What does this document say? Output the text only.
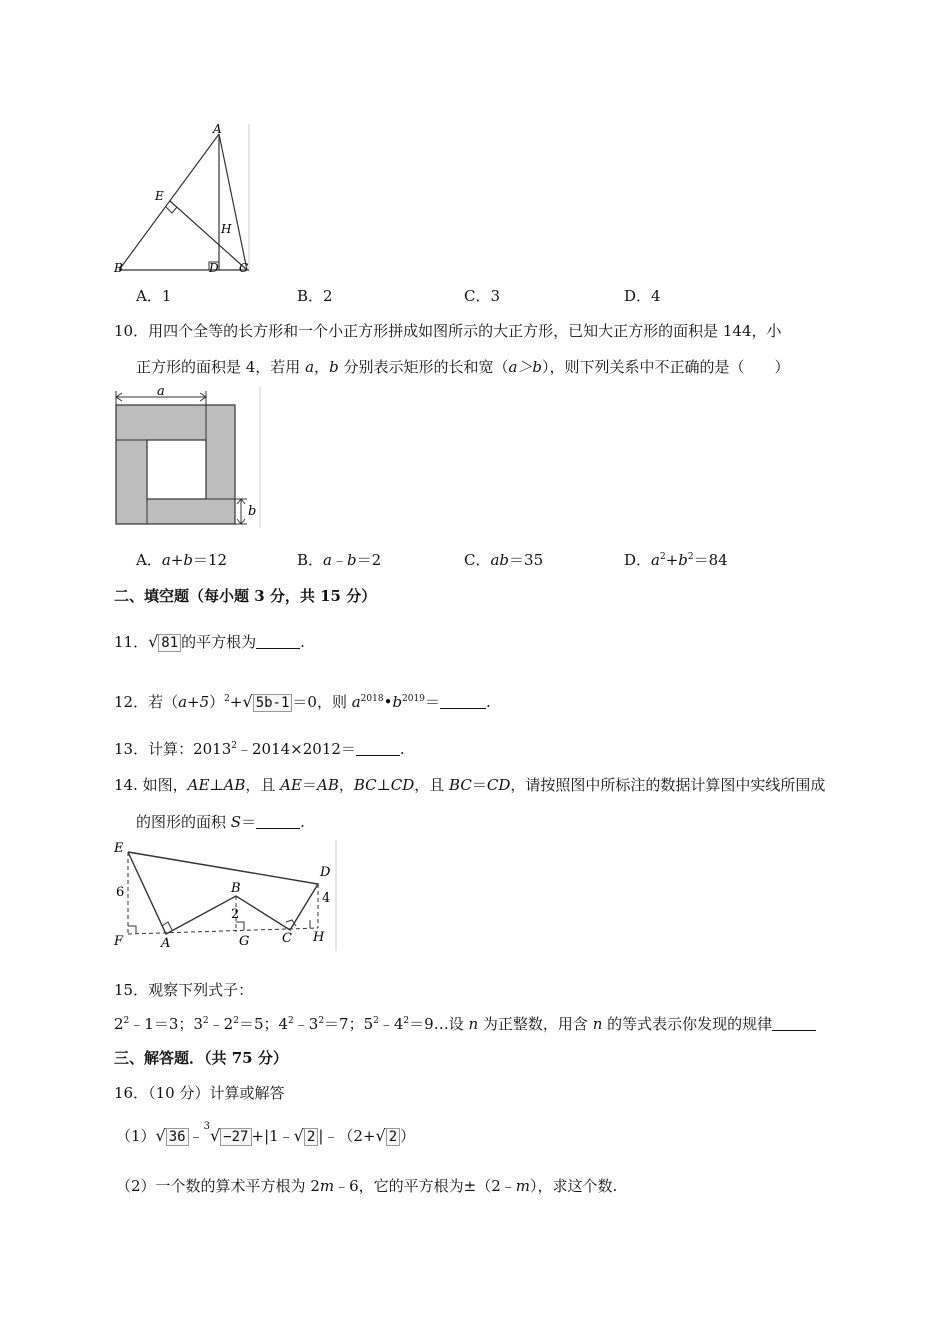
A
E
H
B	D C
A．1	B．2	C．3	D．4
10．用四个全等的长方形和一个小正方形拼成如图所示的大正方形，已知大正方形的面积是 144，小
正方形的面积是 4，若用 a，b 分别表示矩形的长和宽（a＞b），则下列关系中不正确的是（　　）
a
b
A．a+b＝12	B．a﹣b＝2	C．ab＝35	D．$a^2+b^2=84$
二、填空题（每小题 3 分，共 15 分）
11．√ 81 的平方根为	.
12．若$(a+5)^2+√$ 5b-1 ＝0，则 $a^{2018}•b^{2019}=$	.
13．计算：$2013^2﹣2014\times 2012=$	.
14. 如图，AE⊥AB，且 AE＝AB，BC⊥CD，且 BC＝CD，请按照图中所标注的数据计算图中实线所围成
的图形的面积 S＝	.
E
F	A
B
G	C
D
H
6
2
4
15．观察下列式子：
$2^2﹣1=3$；$3^2﹣2^2=5$；$4^2﹣3^2=7$；$5^2﹣4^2=9\dots$设 n 为正整数，用含 n 的等式表示你发现的规律
三、解答题．（共 75 分）
16．（10 分）计算或解答
（1）√ 36 ﹣$^3$√ −27 +|1﹣√ 2 |﹣（2+√ 2 ）
（2）一个数的算术平方根为 2m﹣6，它的平方根为±（2﹣m），求这个数.
